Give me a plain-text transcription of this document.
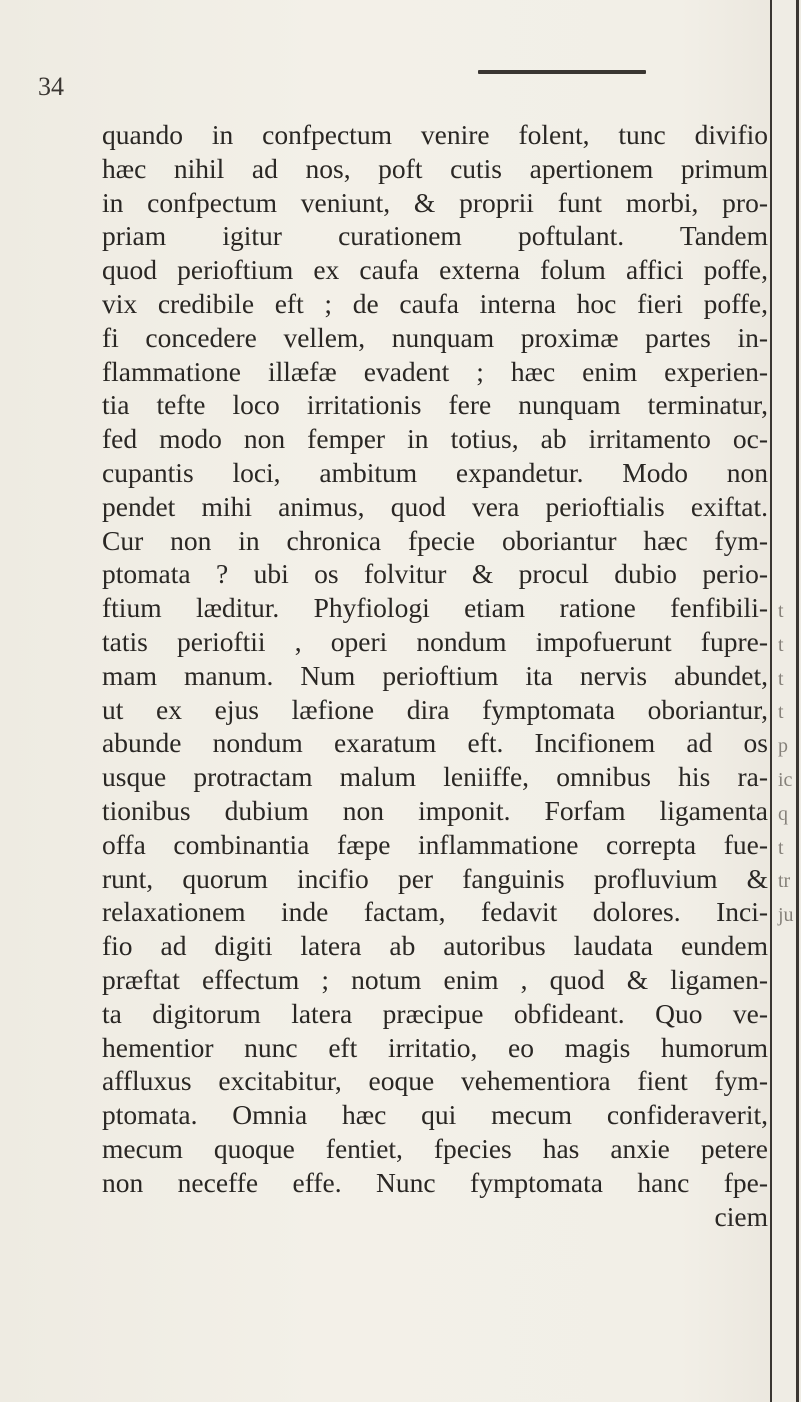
34
quando in confpectum venire folent, tunc divifio
hæc nihil ad nos, poft cutis apertionem primum
in confpectum veniunt, & proprii funt morbi, pro-
priam igitur curationem poftulant. Tandem
quod perioftium ex caufa externa folum affici poffe,
vix credibile eft ; de caufa interna hoc fieri poffe,
fi concedere vellem, nunquam proximæ partes in-
flammatione illæfæ evadent ; hæc enim experien-
tia tefte loco irritationis fere nunquam terminatur,
fed modo non femper in totius, ab irritamento oc-
cupantis loci, ambitum expandetur. Modo non
pendet mihi animus, quod vera perioftialis exiftat.
Cur non in chronica fpecie oboriantur hæc fym-
ptomata ? ubi os folvitur & procul dubio perio-
ftium læditur. Phyfiologi etiam ratione fenfibili-
tatis perioftii , operi nondum impofuerunt fupre-
mam manum. Num perioftium ita nervis abundet,
ut ex ejus læfione dira fymptomata oboriantur,
abunde nondum exaratum eft. Incifionem ad os
usque protractam malum leniiffe, omnibus his ra-
tionibus dubium non imponit. Forfam ligamenta
offa combinantia fæpe inflammatione correpta fue-
runt, quorum incifio per fanguinis profluvium &
relaxationem inde factam, fedavit dolores. Inci-
fio ad digiti latera ab autoribus laudata eundem
præftat effectum ; notum enim , quod & ligamen-
ta digitorum latera præcipue obfideant. Quo ve-
hementior nunc eft irritatio, eo magis humorum
affluxus excitabitur, eoque vehementiora fient fym-
ptomata. Omnia hæc qui mecum confideraverit,
mecum quoque fentiet, fpecies has anxie petere
non neceffe effe. Nunc fymptomata hanc fpe-
ciem
t
t
t
t
p
ic
q
t
tr
ju
